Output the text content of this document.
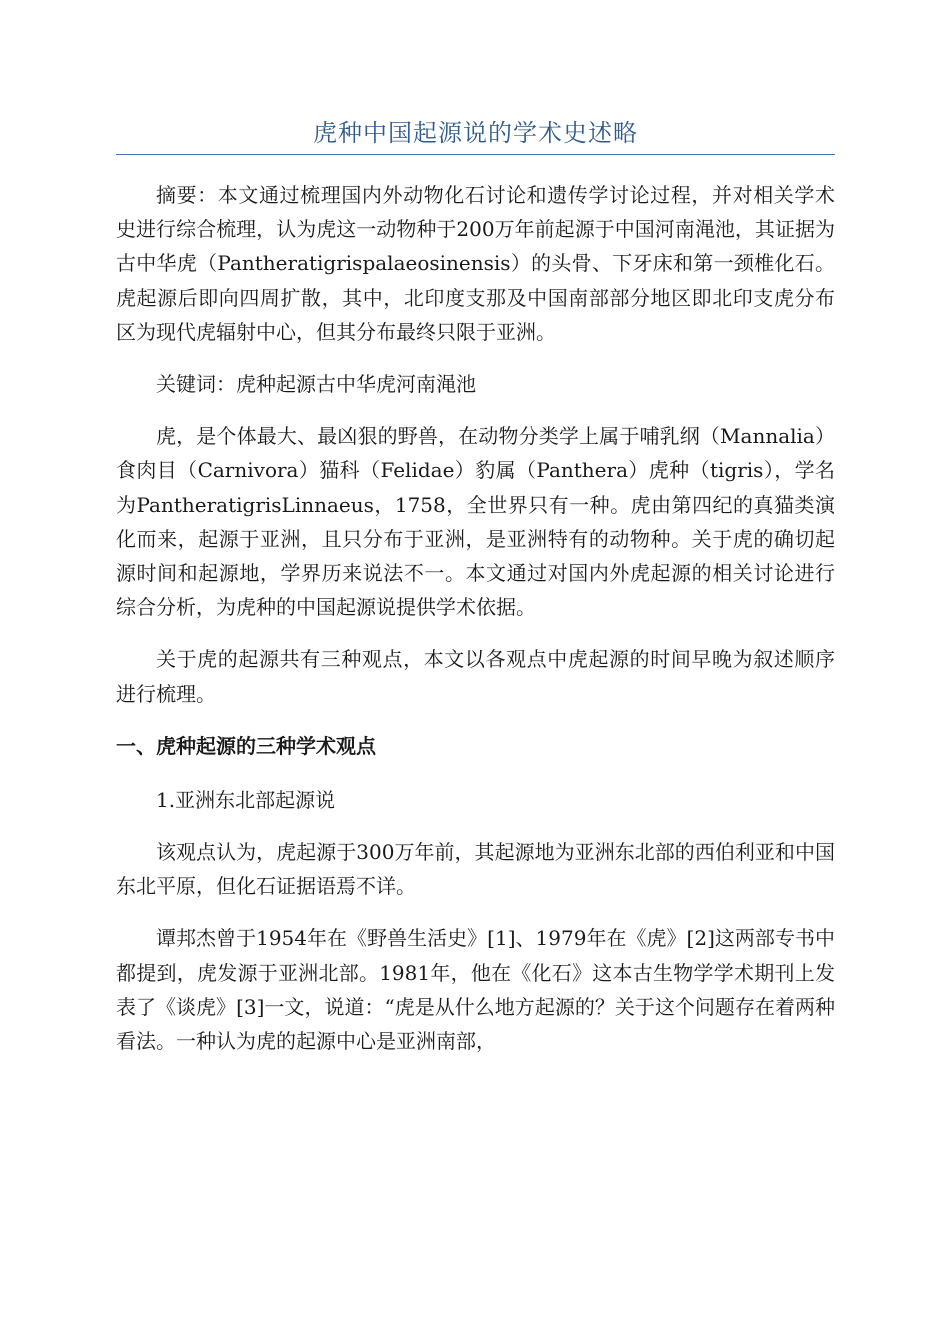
虎种中国起源说的学术史述略

摘要：本文通过梳理国内外动物化石讨论和遗传学讨论过程，并对相关学术史进行综合梳理，认为虎这一动物种于200万年前起源于中国河南渑池，其证据为古中华虎（Pantheratigrispalaeosinensis）的头骨、下牙床和第一颈椎化石。虎起源后即向四周扩散，其中，北印度支那及中国南部部分地区即北印支虎分布区为现代虎辐射中心，但其分布最终只限于亚洲。

关键词：虎种起源古中华虎河南渑池

虎，是个体最大、最凶狠的野兽，在动物分类学上属于哺乳纲（Mannalia）食肉目（Carnivora）猫科（Felidae）豹属（Panthera）虎种（tigris），学名为PantheratigrisLinnaeus，1758，全世界只有一种。虎由第四纪的真猫类演化而来，起源于亚洲，且只分布于亚洲，是亚洲特有的动物种。关于虎的确切起源时间和起源地，学界历来说法不一。本文通过对国内外虎起源的相关讨论进行综合分析，为虎种的中国起源说提供学术依据。

关于虎的起源共有三种观点，本文以各观点中虎起源的时间早晚为叙述顺序进行梳理。

一、虎种起源的三种学术观点

1.亚洲东北部起源说

该观点认为，虎起源于300万年前，其起源地为亚洲东北部的西伯利亚和中国东北平原，但化石证据语焉不详。

谭邦杰曾于1954年在《野兽生活史》[1]、1979年在《虎》[2]这两部专书中都提到，虎发源于亚洲北部。1981年，他在《化石》这本古生物学学术期刊上发表了《谈虎》[3]一文，说道：“虎是从什么地方起源的？关于这个问题存在着两种看法。一种认为虎的起源中心是亚洲南部，
